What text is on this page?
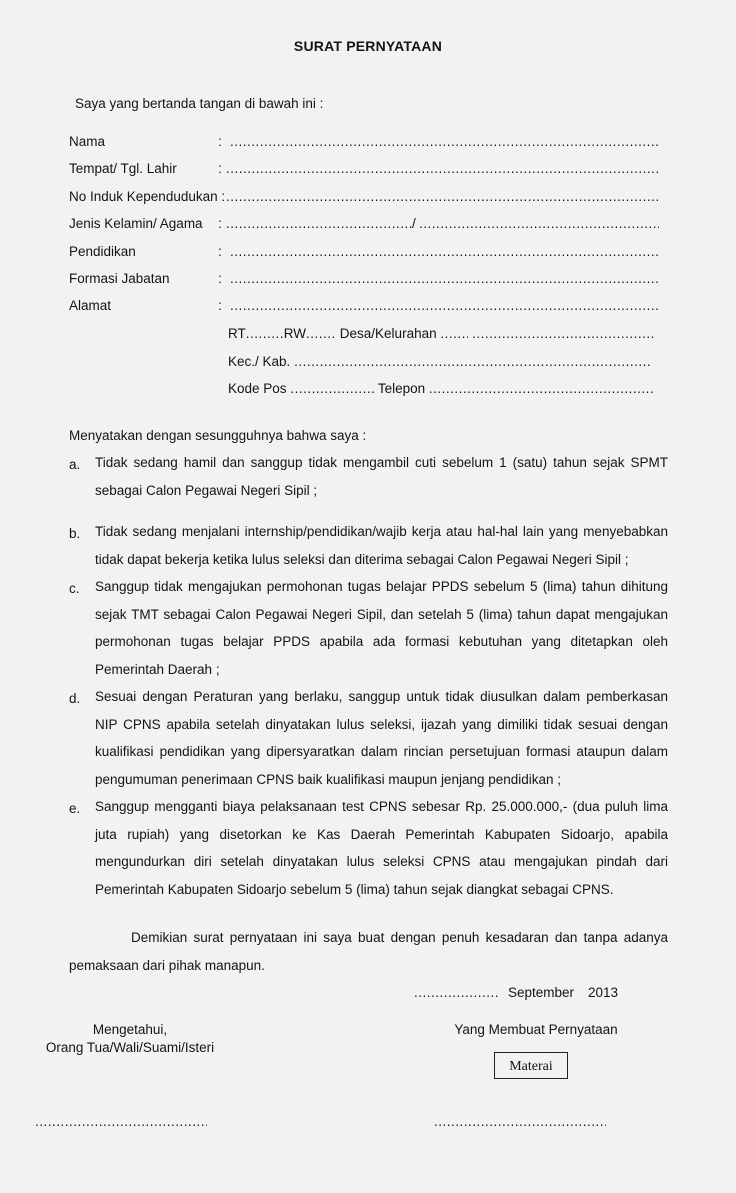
SURAT PERNYATAAN
Saya yang bertanda tangan di bawah ini :
Nama	:
.....
Tempat/ Tgl. Lahir	:
.....
No Induk Kependudukan :
.....
Jenis Kelamin/ Agama : .....	/
.....
Pendidikan	:
.....
Formasi Jabatan	:
.....
Alamat	:
.....
RT .....	RW .....	Desa/Kelurahan ..... .....
Kec./ Kab. .....
Kode Pos .....	Telepon .....
Menyatakan dengan sesungguhnya bahwa saya :
a. Tidak sedang hamil dan sanggup tidak mengambil cuti sebelum 1 (satu) tahun sejak SPMT sebagai Calon Pegawai Negeri Sipil ;

b. Tidak sedang menjalani internship/pendidikan/wajib kerja atau hal-hal lain yang menyebabkan tidak dapat bekerja ketika lulus seleksi dan diterima sebagai Calon Pegawai Negeri Sipil ;

c. Sanggup tidak mengajukan permohonan tugas belajar PPDS sebelum 5 (lima) tahun dihitung sejak TMT sebagai Calon Pegawai Negeri Sipil, dan setelah 5 (lima) tahun dapat mengajukan permohonan tugas belajar PPDS apabila ada formasi kebutuhan yang ditetapkan oleh Pemerintah Daerah ;

d. Sesuai dengan Peraturan yang berlaku, sanggup untuk tidak diusulkan dalam pemberkasan NIP CPNS apabila setelah dinyatakan lulus seleksi, ijazah yang dimiliki tidak sesuai dengan kualifikasi pendidikan yang dipersyaratkan dalam rincian persetujuan formasi ataupun dalam pengumuman penerimaan CPNS baik kualifikasi maupun jenjang pendidikan ;

e. Sanggup mengganti biaya pelaksanaan test CPNS sebesar Rp. 25.000.000,- (dua puluh lima juta rupiah) yang disetorkan ke Kas Daerah Pemerintah Kabupaten Sidoarjo, apabila mengundurkan diri setelah dinyatakan lulus seleksi CPNS atau mengajukan pindah dari Pemerintah Kabupaten Sidoarjo sebelum 5 (lima) tahun sejak diangkat sebagai CPNS.

Demikian surat pernyataan ini saya buat dengan penuh kesadaran dan tanpa adanya pemaksaan dari pihak manapun.

.....
September 2013
Mengetahui,
Orang Tua/Wali/Suami/Isteri
Yang Membuat Pernyataan
Materai
.....
.....
